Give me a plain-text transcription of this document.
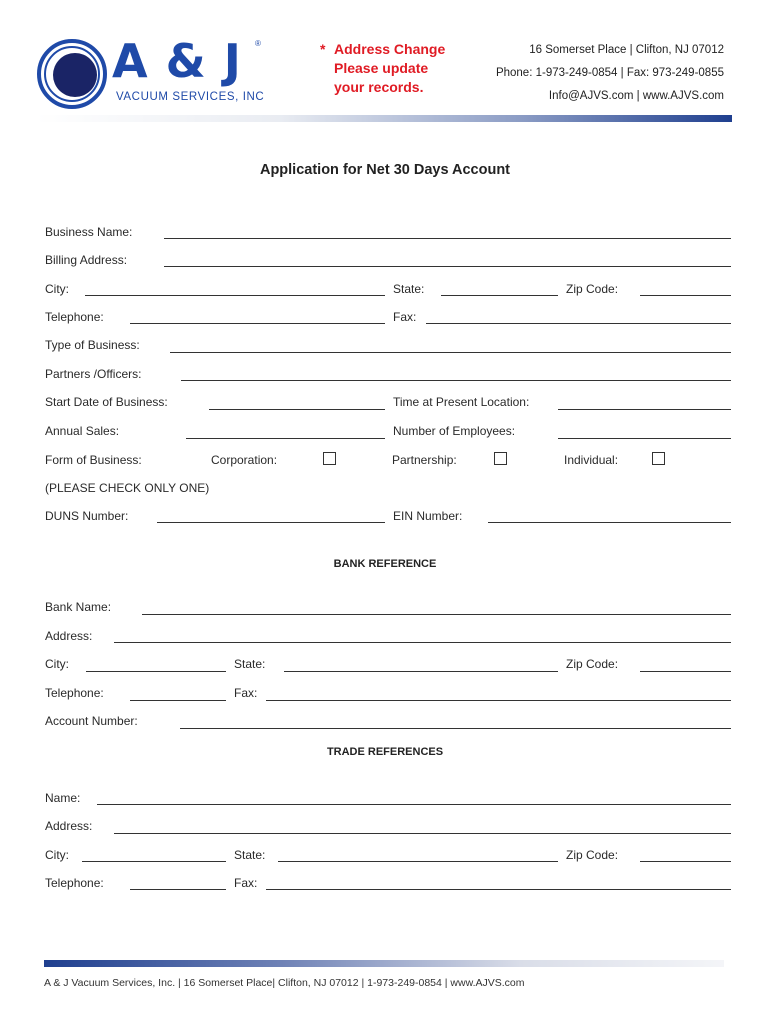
A & J ®
VACUUM SERVICES, INC
* Address Change
Please update
your records.
16 Somerset Place | Clifton, NJ 07012
Phone: 1-973-249-0854 | Fax: 973-249-0855
Info@AJVS.com | www.AJVS.com
Application for Net 30 Days Account
Business Name:
Billing Address:
City:	State:	Zip Code:
Telephone:	Fax:
Type of Business:
Partners /Officers:
Start Date of Business:	Time at Present Location:
Annual Sales:	Number of Employees:
Form of Business:	Corporation:	Partnership:	Individual:
(PLEASE CHECK ONLY ONE)
DUNS Number:	EIN Number:
BANK REFERENCE
Bank Name:
Address:
City:	State:	Zip Code:
Telephone:	Fax:
Account Number:
TRADE REFERENCES
Name:
Address:
City:	State:	Zip Code:
Telephone:	Fax:
A & J Vacuum Services, Inc. | 16 Somerset Place| Clifton, NJ 07012 | 1-973-249-0854 | www.AJVS.com
